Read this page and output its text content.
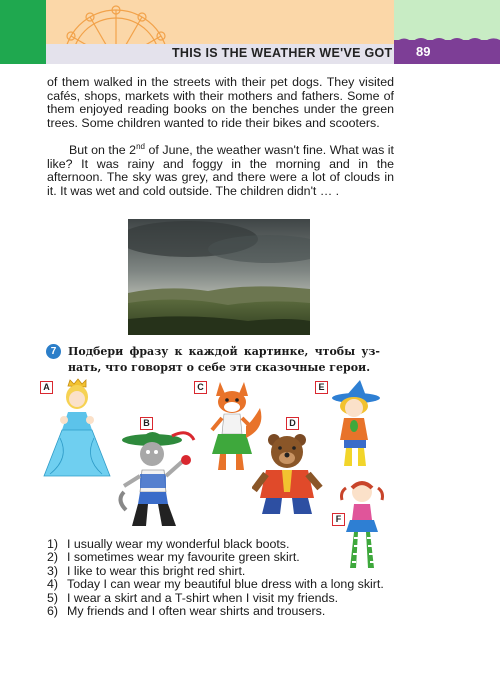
THIS IS THE WEATHER WE'VE GOT 89

of them walked in the streets with their pet dogs. They visited cafés, shops, markets with their mothers and fathers. Some of them enjoyed reading books on the benches under the green trees. Some children wanted to ride their bikes and scooters.

But on the 2nd of June, the weather wasn't fine. What was it like? It was rainy and foggy in the morning and in the afternoon. The sky was grey, and there were a lot of clouds in it. It was wet and cold outside. The children didn't … .

7	Подбери фразу к каждой картинке, чтобы уз-
нать, что говорят о себе эти сказочные герои.
A
B
C
D
E
F
1) I usually wear my wonderful black boots.
2) I sometimes wear my favourite green skirt.
3) I like to wear this bright red shirt.
4) Today I can wear my beautiful blue dress with a long skirt.
5) I wear a skirt and a T-shirt when I visit my friends.
6) My friends and I often wear shirts and trousers.
